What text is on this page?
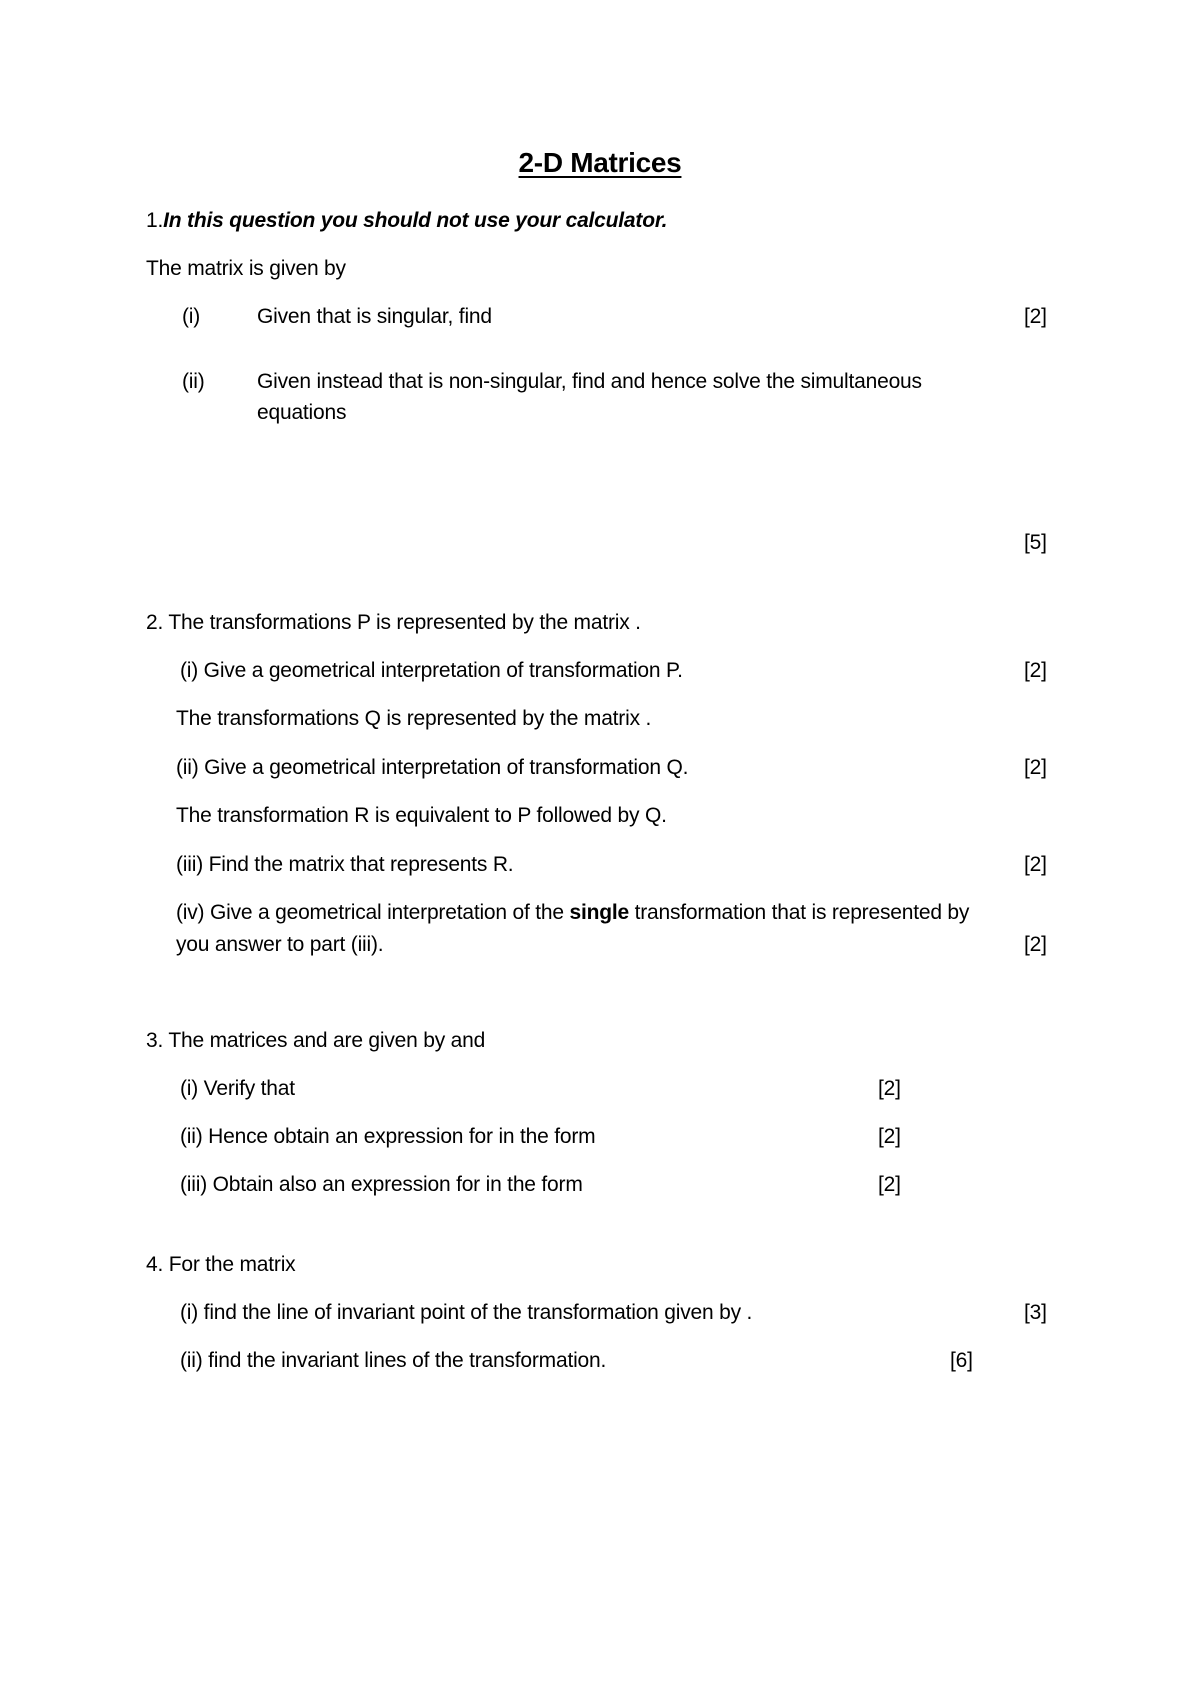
2-D Matrices
1.In this question you should not use your calculator.
The matrix is given by
(i)	Given that is singular, find	[2]
(ii) Given instead that is non-singular, find and hence solve the simultaneous
equations
[5]
2. The transformations P is represented by the matrix .
(i) Give a geometrical interpretation of transformation P.	[2]
The transformations Q is represented by the matrix .
(ii) Give a geometrical interpretation of transformation Q.	[2]
The transformation R is equivalent to P followed by Q.
(iii) Find the matrix that represents R.	[2]
(iv) Give a geometrical interpretation of the single transformation that is represented by
you answer to part (iii).	[2]
3. The matrices and are given by and
(i) Verify that	[2]
(ii) Hence obtain an expression for in the form	[2]
(iii) Obtain also an expression for in the form	[2]
4. For the matrix
(i) find the line of invariant point of the transformation given by .	[3]
(ii) find the invariant lines of the transformation.	[6]
